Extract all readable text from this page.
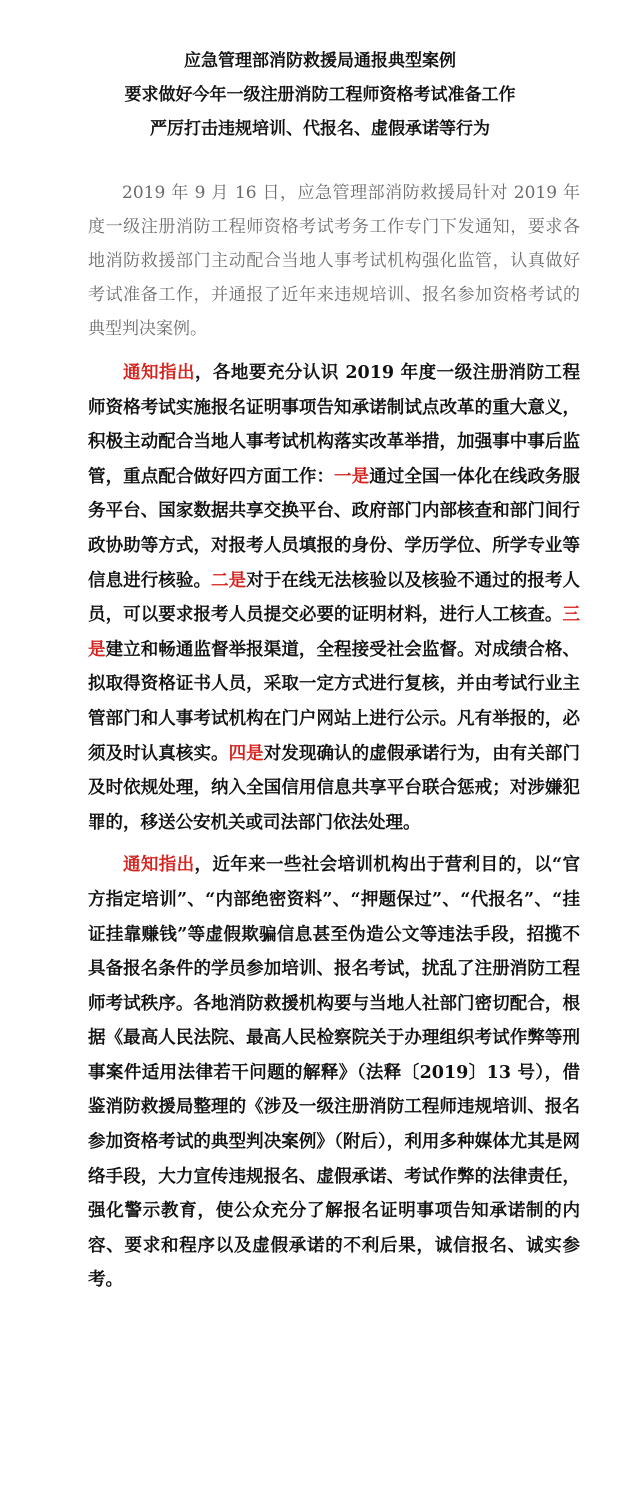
应急管理部消防救援局通报典型案例
要求做好今年一级注册消防工程师资格考试准备工作
严厉打击违规培训、代报名、虚假承诺等行为

2019 年 9 月 16 日，应急管理部消防救援局针对 2019 年度一级注册消防工程师资格考试考务工作专门下发通知，要求各地消防救援部门主动配合当地人事考试机构强化监管，认真做好考试准备工作，并通报了近年来违规培训、报名参加资格考试的典型判决案例。

通知指出，各地要充分认识 2019 年度一级注册消防工程师资格考试实施报名证明事项告知承诺制试点改革的重大意义，积极主动配合当地人事考试机构落实改革举措，加强事中事后监管，重点配合做好四方面工作：一是通过全国一体化在线政务服务平台、国家数据共享交换平台、政府部门内部核查和部门间行政协助等方式，对报考人员填报的身份、学历学位、所学专业等信息进行核验。二是对于在线无法核验以及核验不通过的报考人员，可以要求报考人员提交必要的证明材料，进行人工核查。三是建立和畅通监督举报渠道，全程接受社会监督。对成绩合格、拟取得资格证书人员，采取一定方式进行复核，并由考试行业主管部门和人事考试机构在门户网站上进行公示。凡有举报的，必须及时认真核实。四是对发现确认的虚假承诺行为，由有关部门及时依规处理，纳入全国信用信息共享平台联合惩戒；对涉嫌犯罪的，移送公安机关或司法部门依法处理。

通知指出，近年来一些社会培训机构出于营利目的，以“官方指定培训”、“内部绝密资料”、“押题保过”、“代报名”、“挂证挂靠赚钱”等虚假欺骗信息甚至伪造公文等违法手段，招揽不具备报名条件的学员参加培训、报名考试，扰乱了注册消防工程师考试秩序。各地消防救援机构要与当地人社部门密切配合，根据《最高人民法院、最高人民检察院关于办理组织考试作弊等刑事案件适用法律若干问题的解释》（法释〔2019〕13 号），借鉴消防救援局整理的《涉及一级注册消防工程师违规培训、报名参加资格考试的典型判决案例》（附后），利用多种媒体尤其是网络手段，大力宣传违规报名、虚假承诺、考试作弊的法律责任，强化警示教育，使公众充分了解报名证明事项告知承诺制的内容、要求和程序以及虚假承诺的不利后果，诚信报名、诚实参考。
